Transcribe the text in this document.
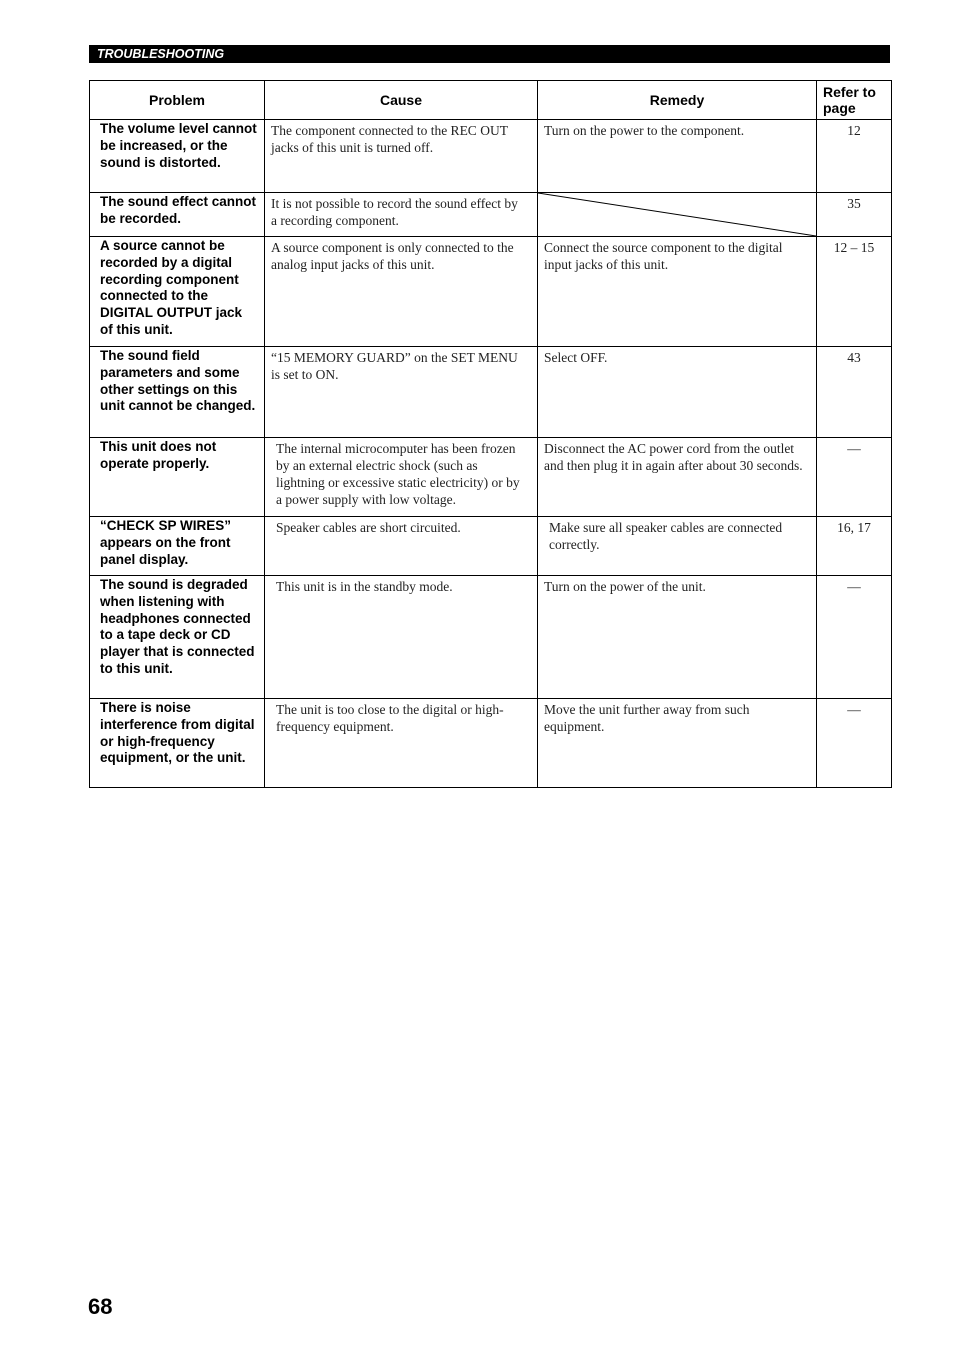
TROUBLESHOOTING
Problem	Cause	Remedy	Refer to page
The volume level cannot be increased, or the sound is distorted.	The component connected to the REC OUT jacks of this unit is turned off.	Turn on the power to the component.	12
The sound effect cannot be recorded.	It is not possible to record the sound effect by a recording component.		35
A source cannot be recorded by a digital recording component connected to the DIGITAL OUTPUT jack of this unit.	A source component is only connected to the analog input jacks of this unit.	Connect the source component to the digital input jacks of this unit.	12 – 15
The sound field parameters and some other settings on this unit cannot be changed.	“15 MEMORY GUARD” on the SET MENU is set to ON.	Select OFF.	43
This unit does not operate properly.	The internal microcomputer has been frozen by an external electric shock (such as lightning or excessive static electricity) or by a power supply with low voltage.	Disconnect the AC power cord from the outlet and then plug it in again after about 30 seconds.	—
“CHECK SP WIRES” appears on the front panel display.	Speaker cables are short circuited.	Make sure all speaker cables are connected correctly.	16, 17
The sound is degraded when listening with headphones connected to a tape deck or CD player that is connected to this unit.	This unit is in the standby mode.	Turn on the power of the unit.	—
There is noise interference from digital or high-frequency equipment, or the unit.	The unit is too close to the digital or high-frequency equipment.	Move the unit further away from such equipment.	—
68
